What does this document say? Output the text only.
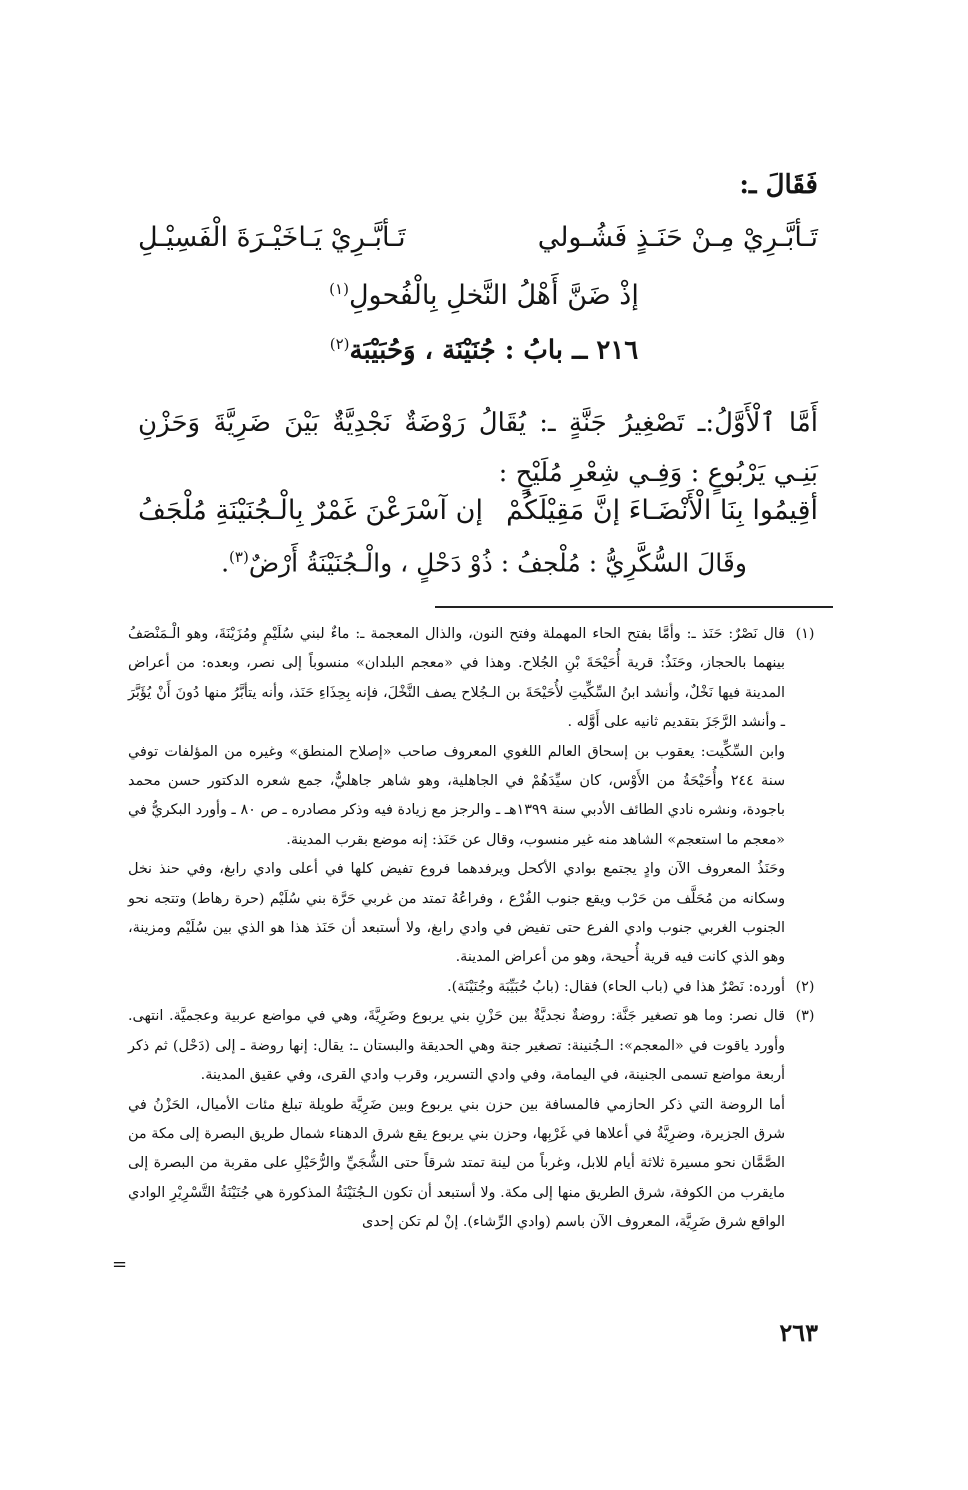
فَقَالَ ـ:
تَـأبَّـرِيْ مِـنْ حَنَـذٍ فَشُـولي
تَـأبَّـرِيْ يَـاخَيْـرَةَ الْفَسِيْـلِ
إذْ ضَنَّ أَهْلُ النَّخلِ بِالْفُحولِ$^{(١)}$
٢١٦ ــ بابُ : جُنَيْنَة ، وَحُبَيْبَة$^{(٢)}$
أَمَّا ٱلْأَوَّلُ:ـ تَصْغِيرُ جَنَّةٍ ـ: يُقَالُ رَوْضَةٌ نَجْدِيَّةٌ بَيْنَ ضَرِيَّةَ وَحَزْنِ بَنِـي يَرْبُوعٍ : وَفِـي شِعْرِ مُلَيْحٍ :
أقِيمُوا بِنَا الْأَنْضَـاءَ إنَّ مَقِيْلَكُمْ
إن آسْرَعْنَ غَمْرٌ بِالْـجُنَيْنَةِ مُلْجَفُ
وقَالَ السُّكَّرِيُّ : مُلْجفُ : ذُوْ دَحْلٍ ، والْـجُنَيْنَةُ أَرْضٌ$^{(٣)}$.
(١)

قال نَصْرٌ: حَنَذ ـ: وأمَّا بفتح الحاء المهملة وفتح النون، والذال المعجمة ـ: ماءٌ لبني سُلَيْمٍ ومُزَيْنَةَ، وهو الْـمَنْصَفُ بينهما بالحجاز، وحَنَذٌ: قرية أُحَيْحَةَ بْنِ الجُلاح. وهذا في «معجم البلدان» منسوباً إلى نصر، وبعده: من أعراض المدينة فيها نَخْلٌ، وأنشد ابنُ السِّكِّيتِ لأُحَيْحَةَ بن الـجُلاح يصف النَّخْلَ، فإنه بِحِذَاءِ حَنَذ، وأنه يتأبَّرُ منها دُونَ أَنْ يُؤَبَّرَ ـ وأنشد الرَّجَزَ بتقديم ثانيه على أَوَّله .

وابن السِّكِّيت: يعقوب بن إسحاق العالم اللغوي المعروف صاحب «إصلاح المنطق» وغيره من المؤلفات توفي سنة ٢٤٤ وأُحَيْحَةُ من الأَوْس، كان سيِّدَهُمْ في الجاهلية، وهو شاهر جاهليٌّ، جمع شعره الدكتور حسن محمد باجودة، ونشره نادي الطائف الأدبي سنة ١٣٩٩هـ ـ والرجز مع زيادة فيه وذكر مصادره ـ ص ٨٠ ـ وأورد البكريُّ في «معجم ما استعجم» الشاهد منه غير منسوب، وقال عن حَنَذ: إنه موضع بقرب المدينة.

وحَنَذُ المعروف الآن وادٍ يجتمع بوادي الأكحل ويرفدهما فروع تفيض كلها في أعلى وادي رابغ، وفي حنذ نخل وسكانه من مُحَلَّف من حَرْب ويقع جنوب الفُرْع ، وفراعُهُ تمتد من غربي حَرَّة بني سُلَيْم (حرة رهاط) وتتجه نحو الجنوب الغربي جنوب وادي الفرع حتى تفيض في وادي رابغ، ولا أستبعد أن حَنَذ هذا هو الذي بين سُلَيْم ومزينة، وهو الذي كانت فيه قرية أُحيحة، وهو من أعراض المدينة.

(٢)

أورده: نَصْرٌ هذا في (باب الحاء) فقال: (بابُ حُبَيِّبَة وجُنَيْنَة).

(٣)

قال نصر: وما هو تصغير جَنَّة: روضةٌ نجديَّةٌ بين حَزْنِ بني يربوع وضَرِيَّةَ، وهي في مواضع عربية وعجميَّة. انتهى. وأورد ياقوت في «المعجم»: الـجُنينة: تصغير جنة وهي الحديقة والبستان ـ: يقال: إنها روضة ـ إلى (دَحْل) ثم ذكر أربعة مواضع تسمى الجنينة، في اليمامة، وفي وادي التسرير، وقرب وادي القرى، وفي عقيق المدينة.

أما الروضة التي ذكر الحازمي فالمسافة بين حزن بني يربوع وبين ضَرِيَّة طويلة تبلغ مئات الأميال، الحَزْنُ في شرق الجزيرة، وضرِيَّةُ في أعلاها في غَرْبِها، وحزن بني يربوع يقع شرق الدهناء شمال طريق البصرة إلى مكة من الصَّمَّان نحو مسيرة ثلاثة أيام للابل، وغرباً من لينة تمتد شرقاً حتى الشُّجَيِّ والرُّحَيْلِ على مقربة من البصرة إلى مايقرب من الكوفة، شرق الطريق منها إلى مكة. ولا أستبعد أن تكون الـجُنَيْنَةُ المذكورة هي جُنَيْنَةُ التَّسْرِيْرِ الوادي الواقع شرق ضَرِيَّة، المعروف الآن باسم (وادي الرِّشاء). إنْ لم تكن إحدى

=
٢٦٣
